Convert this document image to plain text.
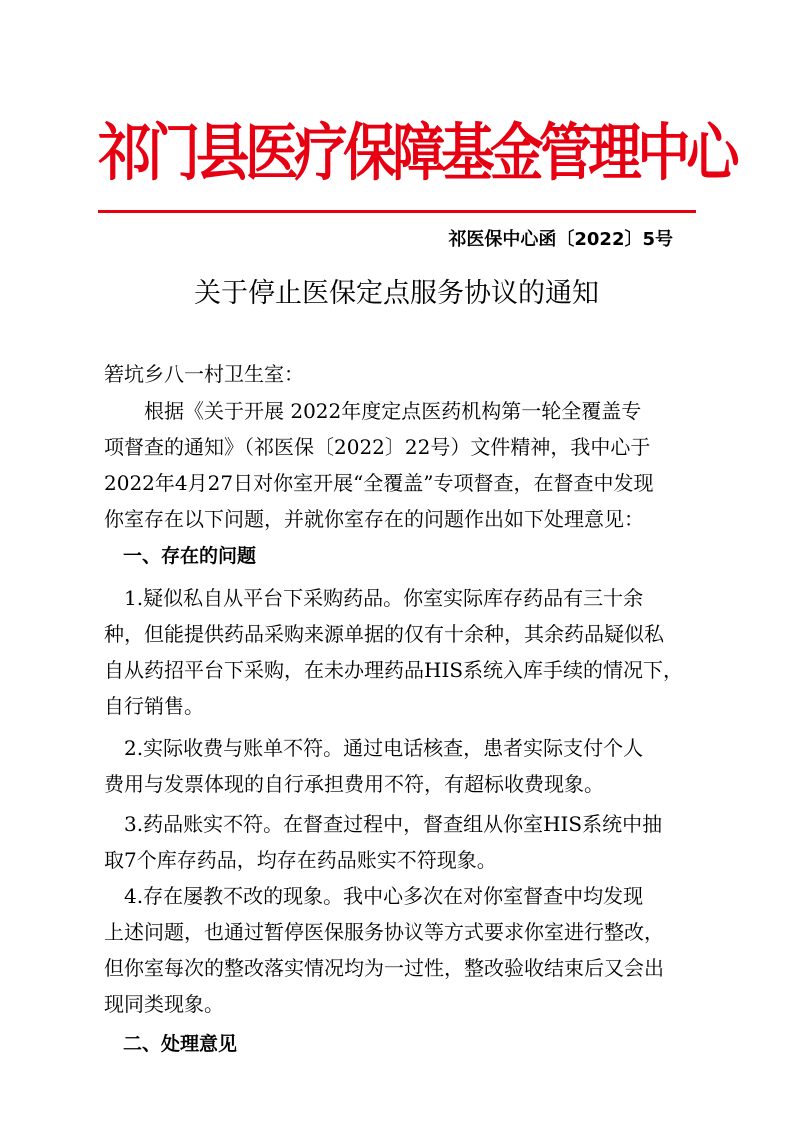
祁门县医疗保障基金管理中心
祁医保中心函〔2022〕5号
关于停止医保定点服务协议的通知
箬坑乡八一村卫生室：
　　根据《关于开展 2022年度定点医药机构第一轮全覆盖专
项督查的通知》（祁医保〔2022〕22号）文件精神，我中心于
2022年4月27日对你室开展“全覆盖”专项督查，在督查中发现
你室存在以下问题，并就你室存在的问题作出如下处理意见：
　一、存在的问题
　1.疑似私自从平台下采购药品。你室实际库存药品有三十余
种，但能提供药品采购来源单据的仅有十余种，其余药品疑似私
自从药招平台下采购，在未办理药品HIS系统入库手续的情况下，
自行销售。
　2.实际收费与账单不符。通过电话核查，患者实际支付个人
费用与发票体现的自行承担费用不符，有超标收费现象。
　3.药品账实不符。在督查过程中，督查组从你室HIS系统中抽
取7个库存药品，均存在药品账实不符现象。
　4.存在屡教不改的现象。我中心多次在对你室督查中均发现
上述问题，也通过暂停医保服务协议等方式要求你室进行整改，
但你室每次的整改落实情况均为一过性，整改验收结束后又会出
现同类现象。
　二、处理意见
